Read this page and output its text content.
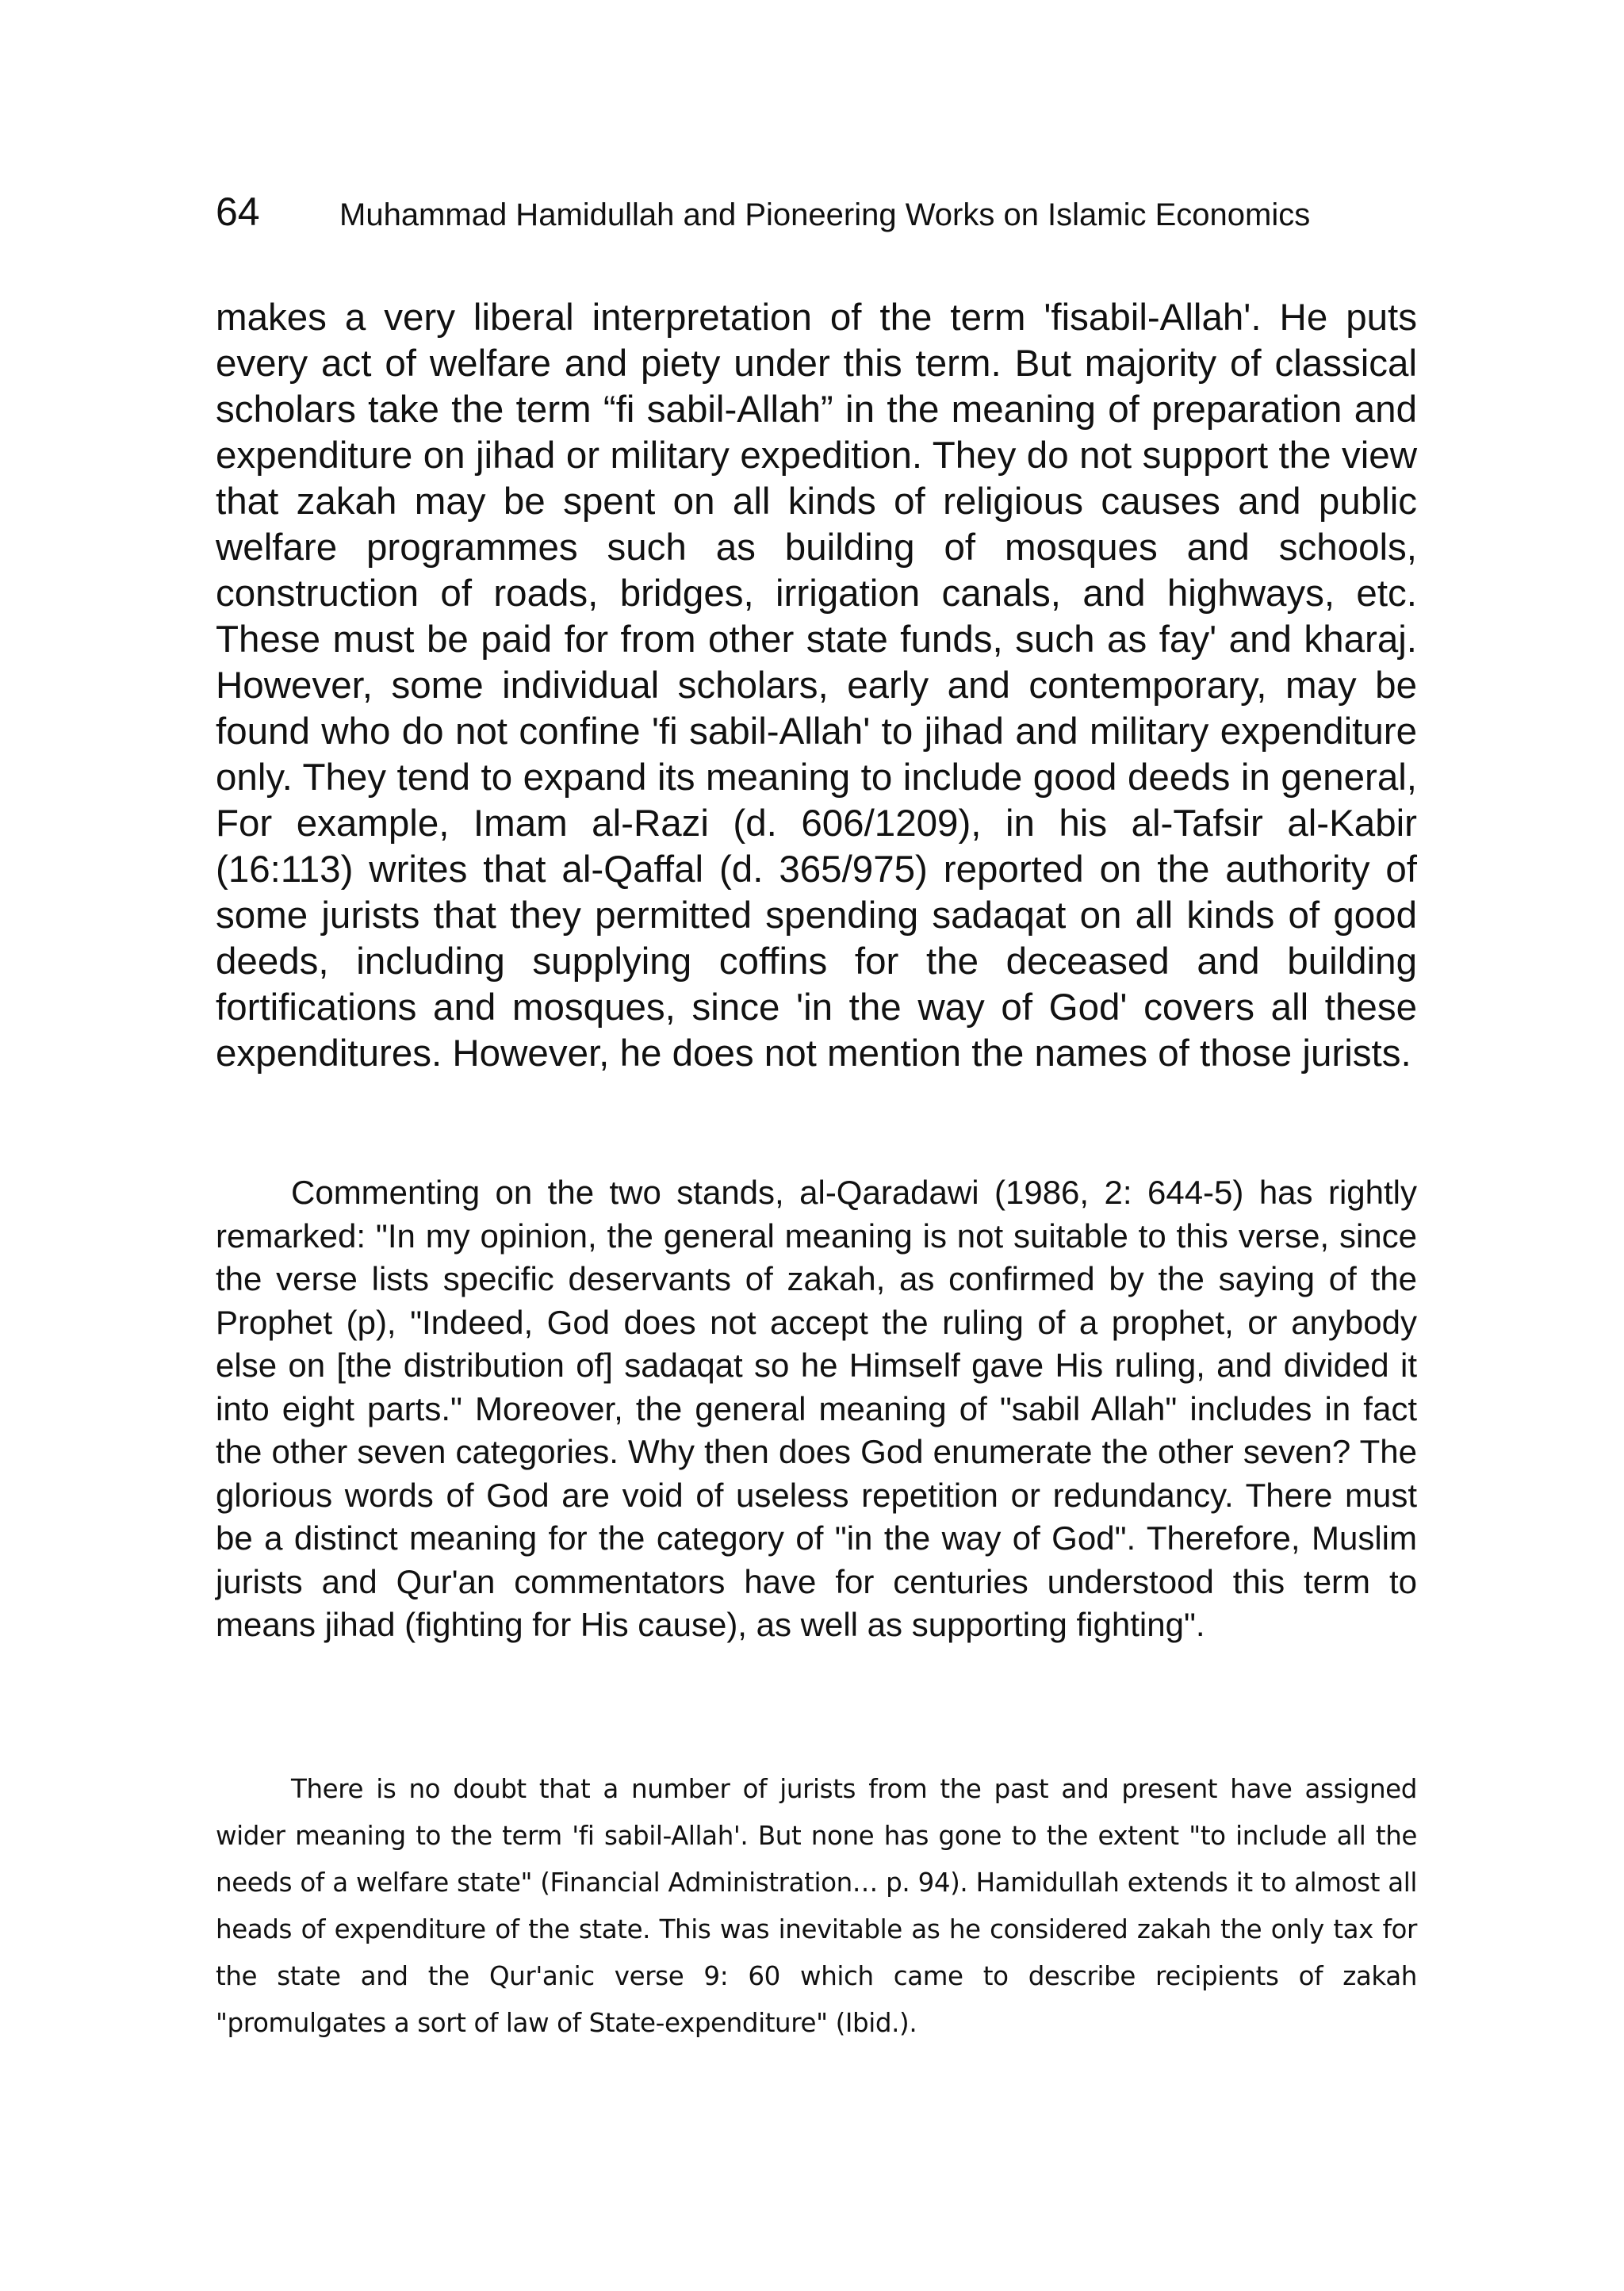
64	Muhammad Hamidullah and Pioneering Works on Islamic Economics

makes a very liberal interpretation of the term 'fisabil-Allah'. He puts every act of welfare and piety under this term. But majority of classical scholars take the term “fi sabil-Allah” in the meaning of preparation and expenditure on jihad or military expedition. They do not support the view that zakah may be spent on all kinds of religious causes and public welfare programmes such as building of mosques and schools, construction of roads, bridges, irrigation canals, and highways, etc. These must be paid for from other state funds, such as fay' and kharaj. However, some individual scholars, early and contemporary, may be found who do not confine 'fi sabil-Allah' to jihad and military expenditure only. They tend to expand its meaning to include good deeds in general, For example, Imam al-Razi (d. 606/1209), in his al-Tafsir al-Kabir (16:113) writes that al-Qaffal (d. 365/975) reported on the authority of some jurists that they permitted spending sadaqat on all kinds of good deeds, including supplying coffins for the deceased and building fortifications and mosques, since 'in the way of God' covers all these expenditures. However, he does not mention the names of those jurists.

Commenting on the two stands, al-Qaradawi (1986, 2: 644-5) has rightly remarked: "In my opinion, the general meaning is not suitable to this verse, since the verse lists specific deservants of zakah, as confirmed by the saying of the Prophet (p), "Indeed, God does not accept the ruling of a prophet, or anybody else on [the distribution of] sadaqat so he Himself gave His ruling, and divided it into eight parts." Moreover, the general meaning of "sabil Allah" includes in fact the other seven categories. Why then does God enumerate the other seven? The glorious words of God are void of useless repetition or redundancy. There must be a distinct meaning for the category of "in the way of God". Therefore, Muslim jurists and Qur'an commentators have for centuries understood this term to means jihad (fighting for His cause), as well as supporting fighting".

There is no doubt that a number of jurists from the past and present have assigned wider meaning to the term 'fi sabil-Allah'. But none has gone to the extent "to include all the needs of a welfare state" (Financial Administration… p. 94). Hamidullah extends it to almost all heads of expenditure of the state. This was inevitable as he considered zakah the only tax for the state and the Qur'anic verse 9: 60 which came to describe recipients of zakah "promulgates a sort of law of State-expenditure" (Ibid.).
